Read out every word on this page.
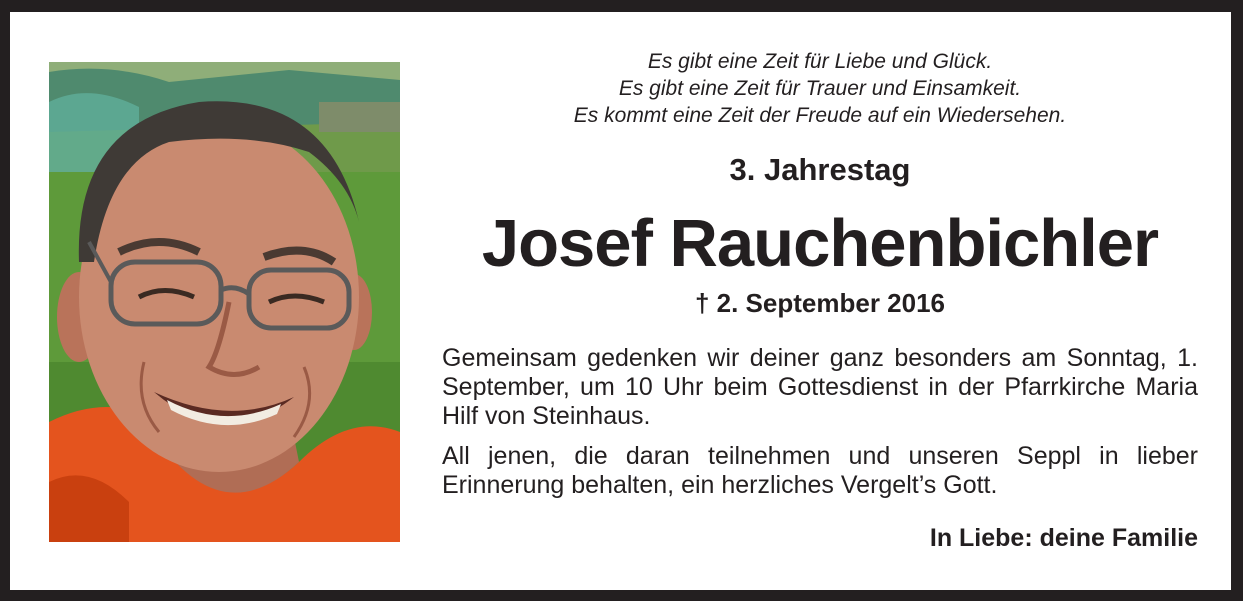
Es gibt eine Zeit für Liebe und Glück.
Es gibt eine Zeit für Trauer und Einsamkeit.
Es kommt eine Zeit der Freude auf ein Wiedersehen.
3. Jahrestag
Josef Rauchenbichler
† 2. September 2016
Gemeinsam gedenken wir deiner ganz besonders am Sonntag, 1. September, um 10 Uhr beim Gottesdienst in der Pfarrkirche Maria Hilf von Steinhaus.
All jenen, die daran teilnehmen und unseren Seppl in lieber Erinnerung behalten, ein herzliches Vergelt’s Gott.
In Liebe: deine Familie
